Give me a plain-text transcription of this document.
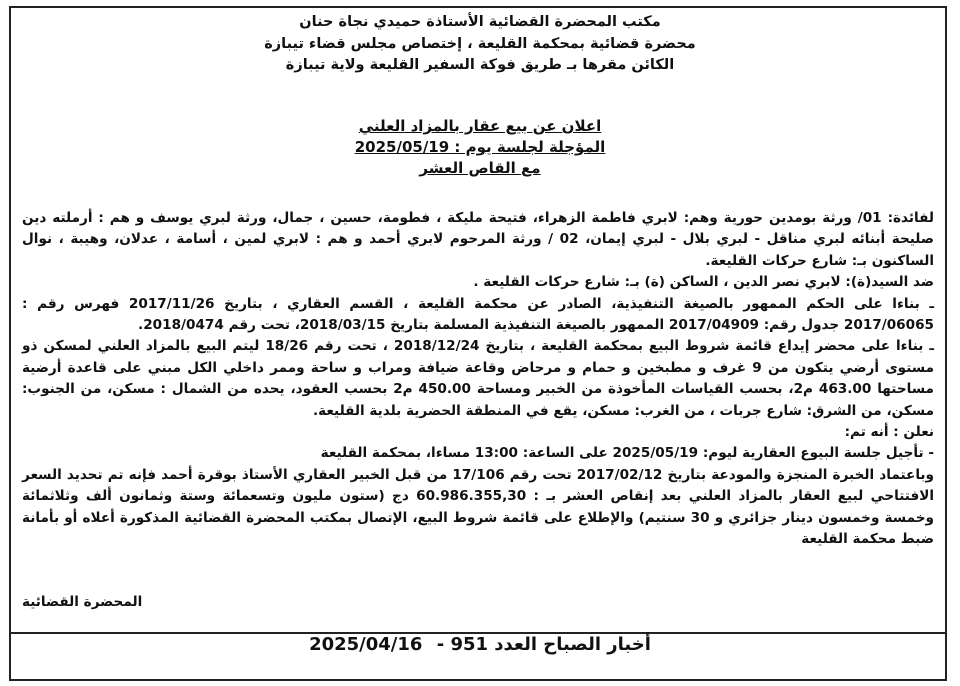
مكتب المحضرة القضائية الأستاذة حميدي نجاة حنان
محضرة قضائية بمحكمة القليعة ، إختصاص مجلس قضاء تيبازة
الكائن مقرها بـ طريق فوكة السفير القليعة ولاية تيبازة
اعلان عن بيع عقار بالمزاد العلني
المؤجلة لجلسة يوم : 2025/05/19
مع القاص العشر

لفائدة: 01/ ورثة بومدين حورية وهم: لابري فاطمة الزهراء، فتيحة مليكة ، فطومة، حسين ، جمال، ورثة لبري يوسف و هم : أرملته دين صليحة أبنائه لبري مناقل - لبري بلال - لبري إيمان، 02 / ورثة المرحوم لابري أحمد و هم : لابري لمين ، أسامة ، عدلان، وهيبة ، نوال الساكنون بـ: شارع حركات القليعة.

ضد السيد(ة): لابري نصر الدين ، الساكن (ة) بـ: شارع حركات القليعة .

ـ بناءا على الحكم الممهور بالصيغة التنفيذية، الصادر عن محكمة القليعة ، القسم العقاري ، بتاريخ 2017/11/26 فهرس رقم : 2017/06065 جدول رقم: 2017/04909 الممهور بالصيغة التنفيذية المسلمة بتاريخ 2018/03/15، تحت رقم 2018/0474.

ـ بناءا على محضر إيداع قائمة شروط البيع بمحكمة القليعة ، بتاريخ 2018/12/24 ، تحت رقم 18/26 ليتم البيع بالمزاد العلني لمسكن ذو مستوى أرضي يتكون من 9 غرف و مطبخين و حمام و مرحاض وقاعة ضيافة ومراب و ساحة وممر داخلي الكل مبني على قاعدة أرضية مساحتها 463.00 م2، بحسب القياسات المأخوذة من الخبير ومساحة 450.00 م2 بحسب العقود، يحده من الشمال : مسكن، من الجنوب: مسكن، من الشرق: شارع جربات ، من الغرب: مسكن، يقع في المنطقة الحضرية بلدية القليعة.

نعلن : أنه تم:

- تأجيل جلسة البيوع العقارية ليوم: 2025/05/19 على الساعة: 13:00 مساءا، بمحكمة القليعة

وباعتماد الخبرة المنجزة والمودعة بتاريخ 2017/02/12 تحت رقم 17/106 من قبل الخبير العقاري الأستاذ بوقرة أحمد فإنه تم تحديد السعر الافتتاحي لبيع العقار بالمزاد العلني بعد إنقاص العشر بـ : 60.986.355,30 دج (ستون مليون وتسعمائة وستة وثمانون ألف وثلاثمائة وخمسة وخمسون دينار جزائري و 30 سنتيم) والإطلاع على قائمة شروط البيع، الإتصال بمكتب المحضرة القضائية المذكورة أعلاه أو بأمانة ضبط محكمة القليعة

المحضرة القضائية
أخبار الصباح العدد 951 - 2025/04/16
